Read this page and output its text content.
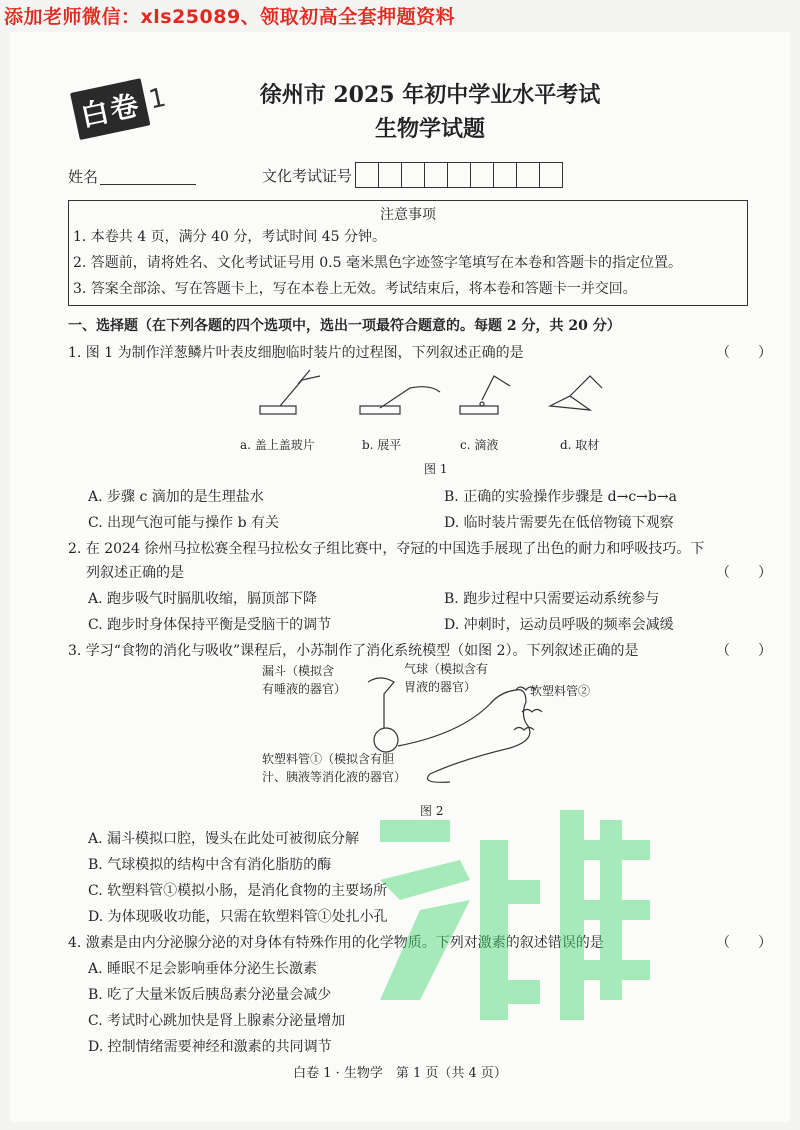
添加老师微信：xls25089、领取初高全套押题资料
白卷 1	徐州市 2025 年初中学业水平考试
生物学试题
姓名	文化考试证号
注意事项

1. 本卷共 4 页，满分 40 分，考试时间 45 分钟。

2. 答题前，请将姓名、文化考试证号用 0.5 毫米黑色字迹签字笔填写在本卷和答题卡的指定位置。

3. 答案全部涂、写在答题卡上，写在本卷上无效。考试结束后，将本卷和答题卡一并交回。

一、选择题（在下列各题的四个选项中，选出一项最符合题意的。每题 2 分，共 20 分）
1. 图 1 为制作洋葱鳞片叶表皮细胞临时装片的过程图，下列叙述正确的是	（　　）
a. 盖上盖玻片	b. 展平	c. 滴液	d. 取材
图 1
A. 步骤 c 滴加的是生理盐水	B. 正确的实验操作步骤是 d→c→b→a
C. 出现气泡可能与操作 b 有关	D. 临时装片需要先在低倍物镜下观察
2. 在 2024 徐州马拉松赛全程马拉松女子组比赛中，夺冠的中国选手展现了出色的耐力和呼吸技巧。下
列叙述正确的是	（　　）
A. 跑步吸气时膈肌收缩，膈顶部下降	B. 跑步过程中只需要运动系统参与
C. 跑步时身体保持平衡是受脑干的调节	D. 冲刺时，运动员呼吸的频率会减缓
3. 学习“食物的消化与吸收”课程后，小苏制作了消化系统模型（如图 2）。下列叙述正确的是	（　　）
漏斗（模拟含
有唾液的器官）
气球（模拟含有
胃液的器官）	软塑料管②
软塑料管①（模拟含有胆
汁、胰液等消化液的器官）
图 2
A. 漏斗模拟口腔，馒头在此处可被彻底分解
B. 气球模拟的结构中含有消化脂肪的酶
C. 软塑料管①模拟小肠，是消化食物的主要场所
D. 为体现吸收功能，只需在软塑料管①处扎小孔
4. 激素是由内分泌腺分泌的对身体有特殊作用的化学物质。下列对激素的叙述错误的是	（　　）
A. 睡眠不足会影响垂体分泌生长激素
B. 吃了大量米饭后胰岛素分泌量会减少
C. 考试时心跳加快是肾上腺素分泌量增加
D. 控制情绪需要神经和激素的共同调节
白卷 1 · 生物学　第 1 页（共 4 页）
